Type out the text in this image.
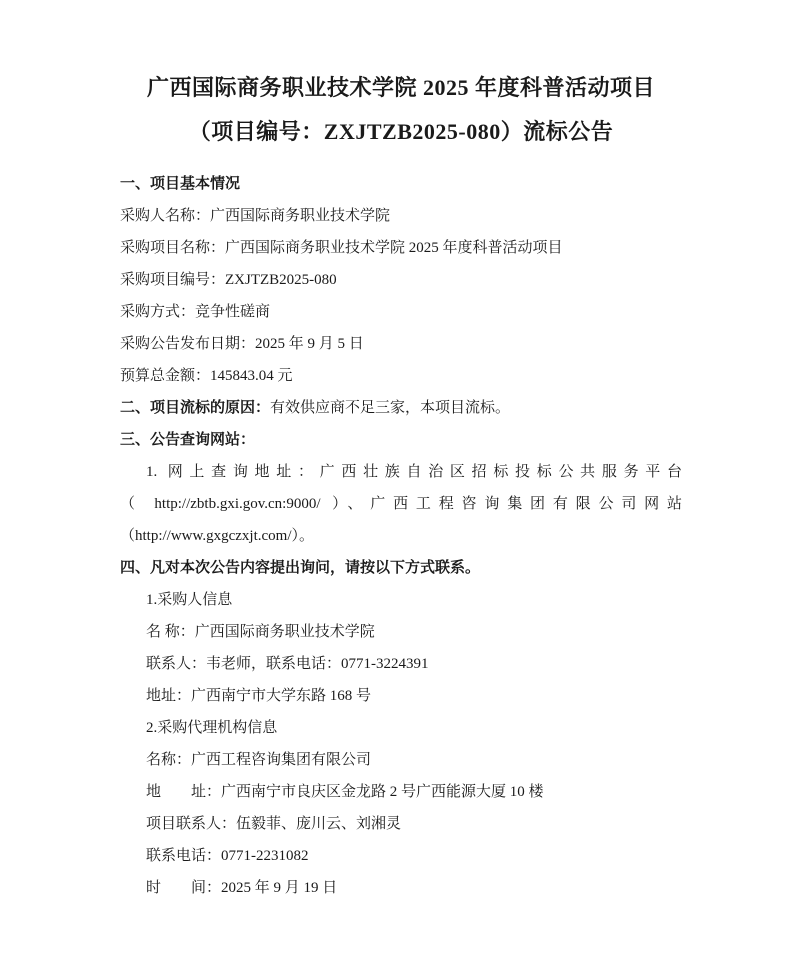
广西国际商务职业技术学院 2025 年度科普活动项目
（项目编号：ZXJTZB2025-080）流标公告

一、项目基本情况

采购人名称：广西国际商务职业技术学院

采购项目名称：广西国际商务职业技术学院 2025 年度科普活动项目

采购项目编号：ZXJTZB2025-080

采购方式：竞争性磋商

采购公告发布日期：2025 年 9 月 5 日

预算总金额：145843.04 元

二、项目流标的原因：有效供应商不足三家，本项目流标。

三、公告查询网站：

1. 网上查询地址：广西壮族自治区招标投标公共服务平台

（ http://zbtb.gxi.gov.cn:9000/ ）、广西工程咨询集团有限公司网站

（http://www.gxgczxjt.com/）。

四、凡对本次公告内容提出询问，请按以下方式联系。

1.采购人信息

名 称：广西国际商务职业技术学院

联系人：韦老师，联系电话：0771-3224391

地址：广西南宁市大学东路 168 号

2.采购代理机构信息

名称：广西工程咨询集团有限公司

地　　址：广西南宁市良庆区金龙路 2 号广西能源大厦 10 楼

项目联系人：伍毅菲、庞川云、刘湘灵

联系电话：0771-2231082

时　　间：2025 年 9 月 19 日
